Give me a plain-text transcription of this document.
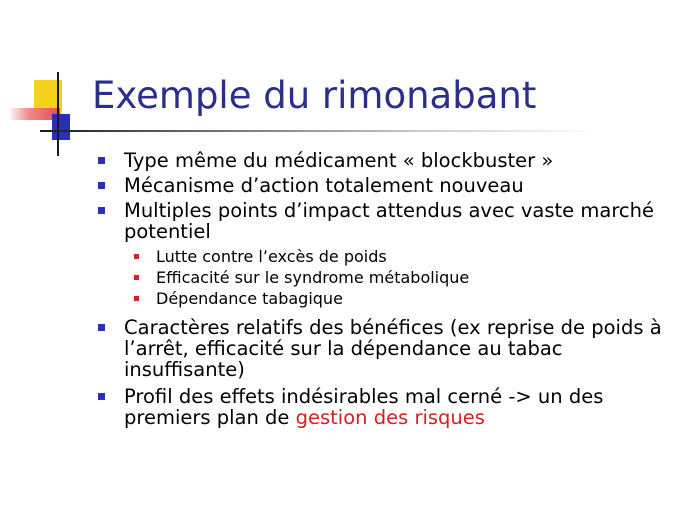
Exemple du rimonabant
Type même du médicament « blockbuster »
Mécanisme d’action totalement nouveau
Multiples points d’impact attendus avec vaste marché potentiel
Lutte contre l’excès de poids
Efficacité sur le syndrome métabolique
Dépendance tabagique
Caractères relatifs des bénéfices (ex reprise de poids à l’arrêt, efficacité sur la dépendance au tabac insuffisante)
Profil des effets indésirables mal cerné -> un des premiers plan de gestion des risques
